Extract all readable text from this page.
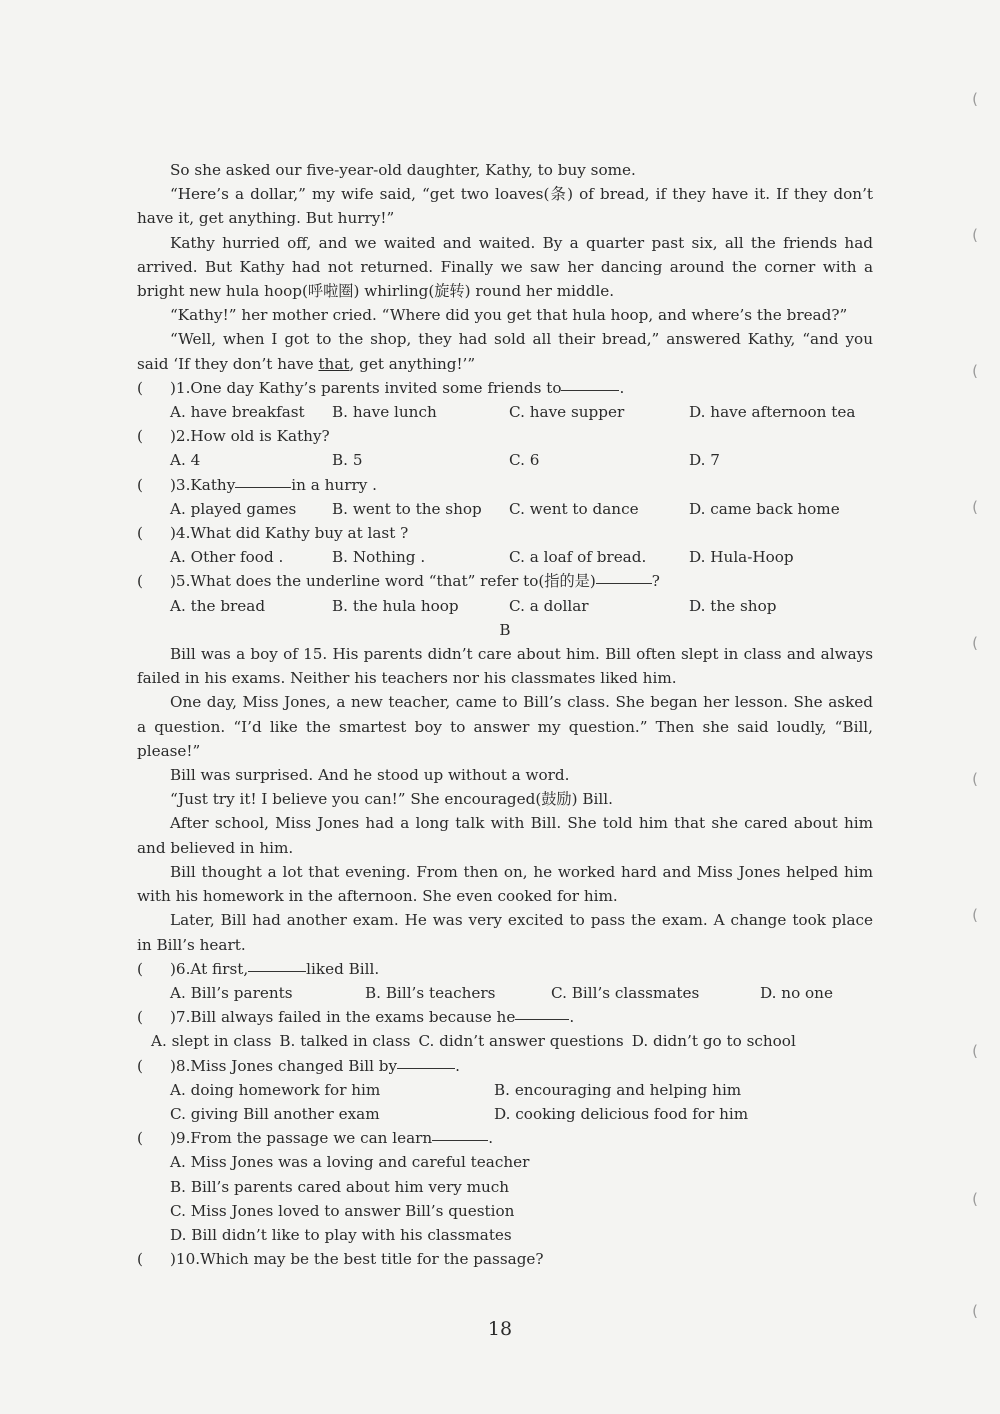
(
(
(
(
(
(
(
(
(
(

So she asked our five-year-old daughter, Kathy, to buy some.

“Here’s a dollar,” my wife said, “get two loaves(条) of bread, if they have it. If they don’t have it, get anything. But hurry!”

Kathy hurried off, and we waited and waited. By a quarter past six, all the friends had arrived. But Kathy had not returned. Finally we saw her dancing around the corner with a bright new hula hoop(呼啦圈) whirling(旋转) round her middle.

“Kathy!” her mother cried. “Where did you get that hula hoop, and where’s the bread?”

“Well, when I got to the shop, they had sold all their bread,” answered Kathy, “and you said ‘If they don’t have that, get anything!’”

(	)1. One day Kathy’s parents invited some friends to	.
A. have breakfast	B. have lunch	C. have supper	D. have afternoon tea
(	)2. How old is Kathy?
A. 4	B. 5	C. 6	D. 7
(	)3. Kathy	in a hurry .
A. played games	B. went to the shop	C. went to dance	D. came back home
(	)4. What did Kathy buy at last ?
A. Other food .	B. Nothing .	C. a loaf of bread.	D. Hula-Hoop
(	)5. What does the underline word “that” refer to(指的是)	?
A. the bread	B. the hula hoop	C. a dollar	D. the shop

B

Bill was a boy of 15. His parents didn’t care about him. Bill often slept in class and always failed in his exams. Neither his teachers nor his classmates liked him.

One day, Miss Jones, a new teacher, came to Bill’s class. She began her lesson. She asked a question. “I’d like the smartest boy to answer my question.” Then she said loudly, “Bill, please!”

Bill was surprised. And he stood up without a word.

“Just try it! I believe you can!” She encouraged(鼓励) Bill.

After school, Miss Jones had a long talk with Bill. She told him that she cared about him and believed in him.

Bill thought a lot that evening. From then on, he worked hard and Miss Jones helped him with his homework in the afternoon. She even cooked for him.

Later, Bill had another exam. He was very excited to pass the exam. A change took place in Bill’s heart.

(	)6. At first,	liked Bill.
A. Bill’s parents	B. Bill’s teachers	C. Bill’s classmates	D. no one
(	)7. Bill always failed in the exams because he	.
A. slept in class B. talked in class C. didn’t answer questions D. didn’t go to school
(	)8. Miss Jones changed Bill by	.
A. doing homework for him	B. encouraging and helping him
C. giving Bill another exam	D. cooking delicious food for him
(	)9. From the passage we can learn	.
A. Miss Jones was a loving and careful teacher
B. Bill’s parents cared about him very much
C. Miss Jones loved to answer Bill’s question
D. Bill didn’t like to play with his classmates
(	)10. Which may be the best title for the passage?
18
